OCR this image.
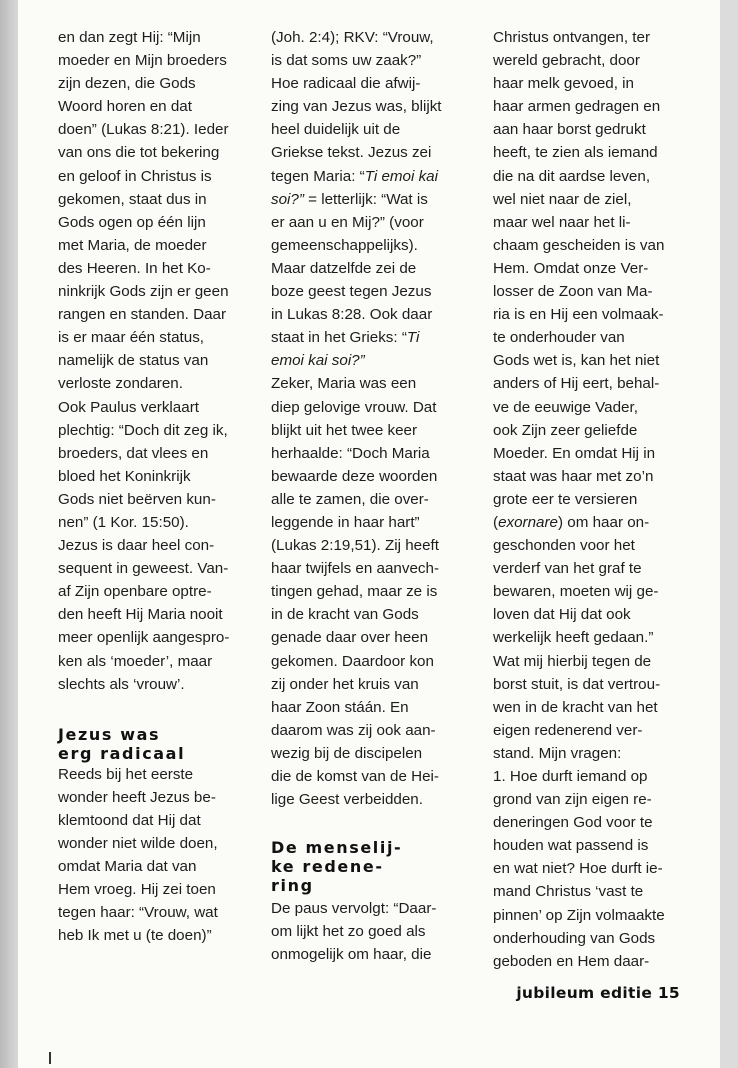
en dan zegt Hij: “Mijn

moeder en Mijn broeders

zijn dezen, die Gods

Woord horen en dat

doen” (Lukas 8:21). Ieder

van ons die tot bekering

en geloof in Christus is

gekomen, staat dus in

Gods ogen op één lijn

met Maria, de moeder

des Heeren. In het Ko-

ninkrijk Gods zijn er geen

rangen en standen. Daar

is er maar één status,

namelijk de status van

verloste zondaren.

Ook Paulus verklaart

plechtig: “Doch dit zeg ik,

broeders, dat vlees en

bloed het Koninkrijk

Gods niet beërven kun-

nen” (1 Kor. 15:50).

Jezus is daar heel con-

sequent in geweest. Van-

af Zijn openbare optre-

den heeft Hij Maria nooit

meer openlijk aangespro-

ken als ‘moeder’, maar

slechts als ‘vrouw’.

Jezus was

erg radicaal

Reeds bij het eerste

wonder heeft Jezus be-

klemtoond dat Hij dat

wonder niet wilde doen,

omdat Maria dat van

Hem vroeg. Hij zei toen

tegen haar: “Vrouw, wat

heb Ik met u (te doen)”

(Joh. 2:4); RKV: “Vrouw,

is dat soms uw zaak?”

Hoe radicaal die afwij-

zing van Jezus was, blijkt

heel duidelijk uit de

Griekse tekst. Jezus zei

tegen Maria: “Ti emoi kai

soi?” = letterlijk: “Wat is

er aan u en Mij?” (voor

gemeenschappelijks).

Maar datzelfde zei de

boze geest tegen Jezus

in Lukas 8:28. Ook daar

staat in het Grieks: “Ti

emoi kai soi?”

Zeker, Maria was een

diep gelovige vrouw. Dat

blijkt uit het twee keer

herhaalde: “Doch Maria

bewaarde deze woorden

alle te zamen, die over-

leggende in haar hart”

(Lukas 2:19,51). Zij heeft

haar twijfels en aanvech-

tingen gehad, maar ze is

in de kracht van Gods

genade daar over heen

gekomen. Daardoor kon

zij onder het kruis van

haar Zoon stáán. En

daarom was zij ook aan-

wezig bij de discipelen

die de komst van de Hei-

lige Geest verbeidden.

De menselij-

ke redene-

ring

De paus vervolgt: “Daar-

om lijkt het zo goed als

onmogelijk om haar, die

Christus ontvangen, ter

wereld gebracht, door

haar melk gevoed, in

haar armen gedragen en

aan haar borst gedrukt

heeft, te zien als iemand

die na dit aardse leven,

wel niet naar de ziel,

maar wel naar het li-

chaam gescheiden is van

Hem. Omdat onze Ver-

losser de Zoon van Ma-

ria is en Hij een volmaak-

te onderhouder van

Gods wet is, kan het niet

anders of Hij eert, behal-

ve de eeuwige Vader,

ook Zijn zeer geliefde

Moeder. En omdat Hij in

staat was haar met zo’n

grote eer te versieren

(exornare) om haar on-

geschonden voor het

verderf van het graf te

bewaren, moeten wij ge-

loven dat Hij dat ook

werkelijk heeft gedaan.”

Wat mij hierbij tegen de

borst stuit, is dat vertrou-

wen in de kracht van het

eigen redenerend ver-

stand. Mijn vragen:

1. Hoe durft iemand op

grond van zijn eigen re-

deneringen God voor te

houden wat passend is

en wat niet? Hoe durft ie-

mand Christus ‘vast te

pinnen’ op Zijn volmaakte

onderhouding van Gods

geboden en Hem daar-

jubileum editie 15
